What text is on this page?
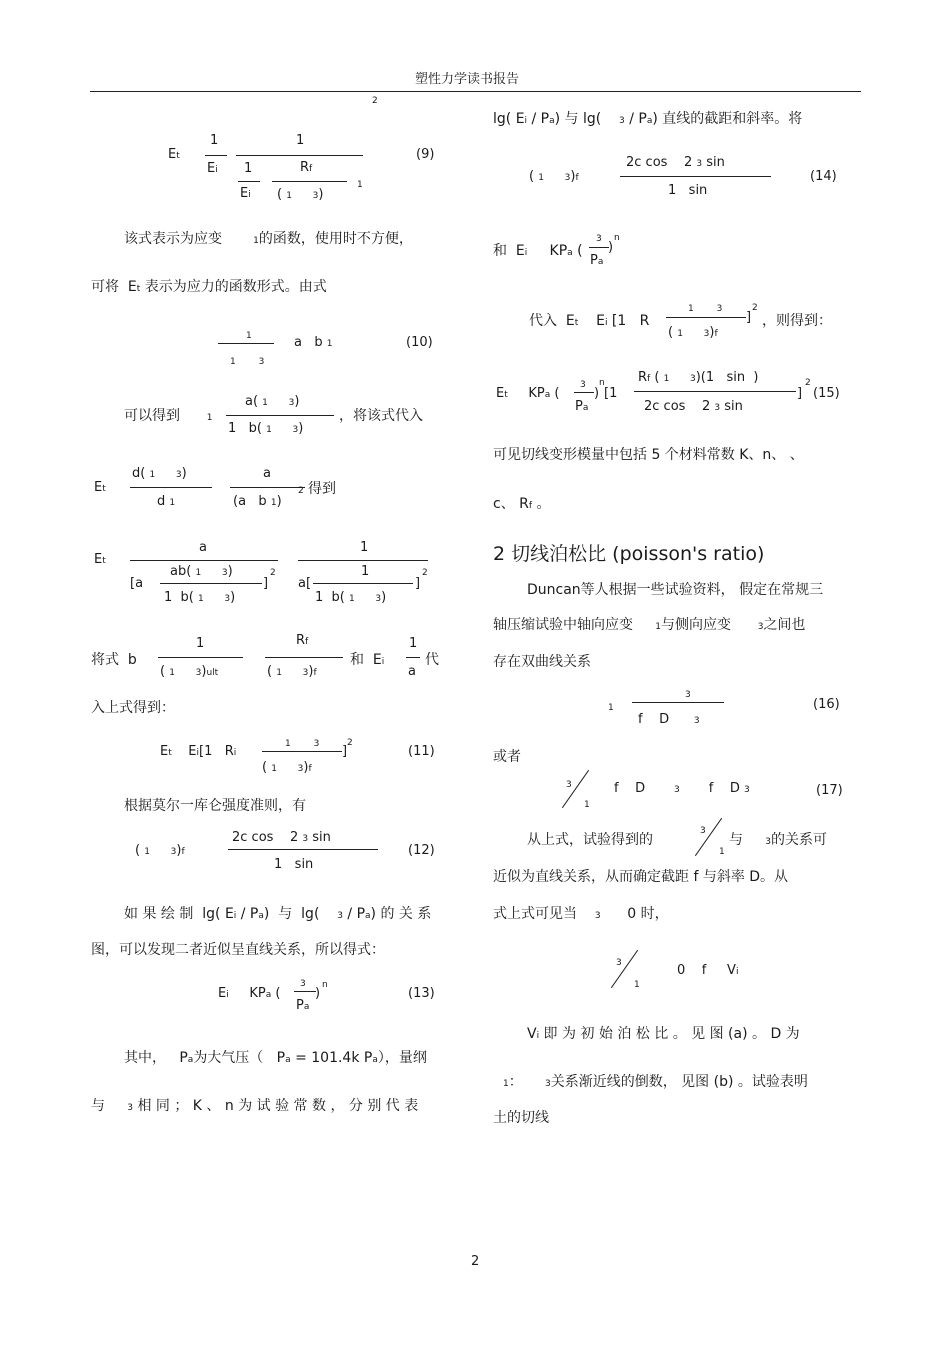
塑性力学读书报告
2
Et
1
Ei
1
1
Ei
Rf
( 1 3)
1
(9)
该式表示为应变	1的函数，使用时不方便，
可将  Et 表示为应力的函数形式。由式
1
1        3
a   b 1	(10)
可以得到	1
a( 1 3)
1   b( 1 3)
，将该式代入
Et
d( 1 3)
d 1
a
(a   b 1)
2 得到
Et
a
[a
ab( 1 3)
1  b( 1 3)
]
2
1
a[
1
1  b( 1 3)
]
2
将式  b
1
( 1 3)ult
Rf
( 1 3)f
和  Ei
1
a
代
入上式得到：
Et    Ei[1   Ri
1        3
( 1 3)f
]
2
(11)
根据莫尔一库仑强度准则，有
( 1 3)f
2c cos    2 3 sin
1   sin
(12)
如 果 绘 制  lg( Ei / Pa)  与  lg(    3 / Pa) 的 关 系
图，可以发现二者近似呈直线关系，所以得式：
Ei     KPa (
3
Pa
)
n
(13)
其中，   Pa为大气压（   Pa = 101.4k Pa），量纲
与 3 相 同 ； K 、 n 为 试 验 常 数 ， 分 别 代 表
lg( Ei / Pa) 与 lg(    3 / Pa) 直线的截距和斜率。将
( 1 3)f
2c cos    2 3 sin
1   sin
(14)
和  Ei     KPa (
3
Pa
)
n
代入  Et    Ei [1   R
1        3
( 1 3)f
]
2
，则得到：
Et     KPa (
3
Pa
)
n
[1
Rf ( 1 3)(1   sin  )
2c cos    2 3 sin
]
2
(15)
可见切线变形模量中包括 5 个材料常数 K、n、 、
c、 Rf 。
2 切线泊松比 (poisson's ratio)
Duncan等人根据一些试验资料， 假定在常规三
轴压缩试验中轴向应变 1与侧向应变	3之间也
存在双曲线关系
1
3
f    D      3
(16)
或者
3
1
f    D       3       f    D 3	(17)
从上式，试验得到的
3
1
与 3的关系可
近似为直线关系，从而确定截距 f 与斜率 D。从
式上式可见当 3 0 时，
3
1
0    f     Vi
Vi 即 为 初 始 泊 松 比 。 见 图 (a) 。 D 为
1： 3关系渐近线的倒数， 见图 (b) 。试验表明
土的切线
2
